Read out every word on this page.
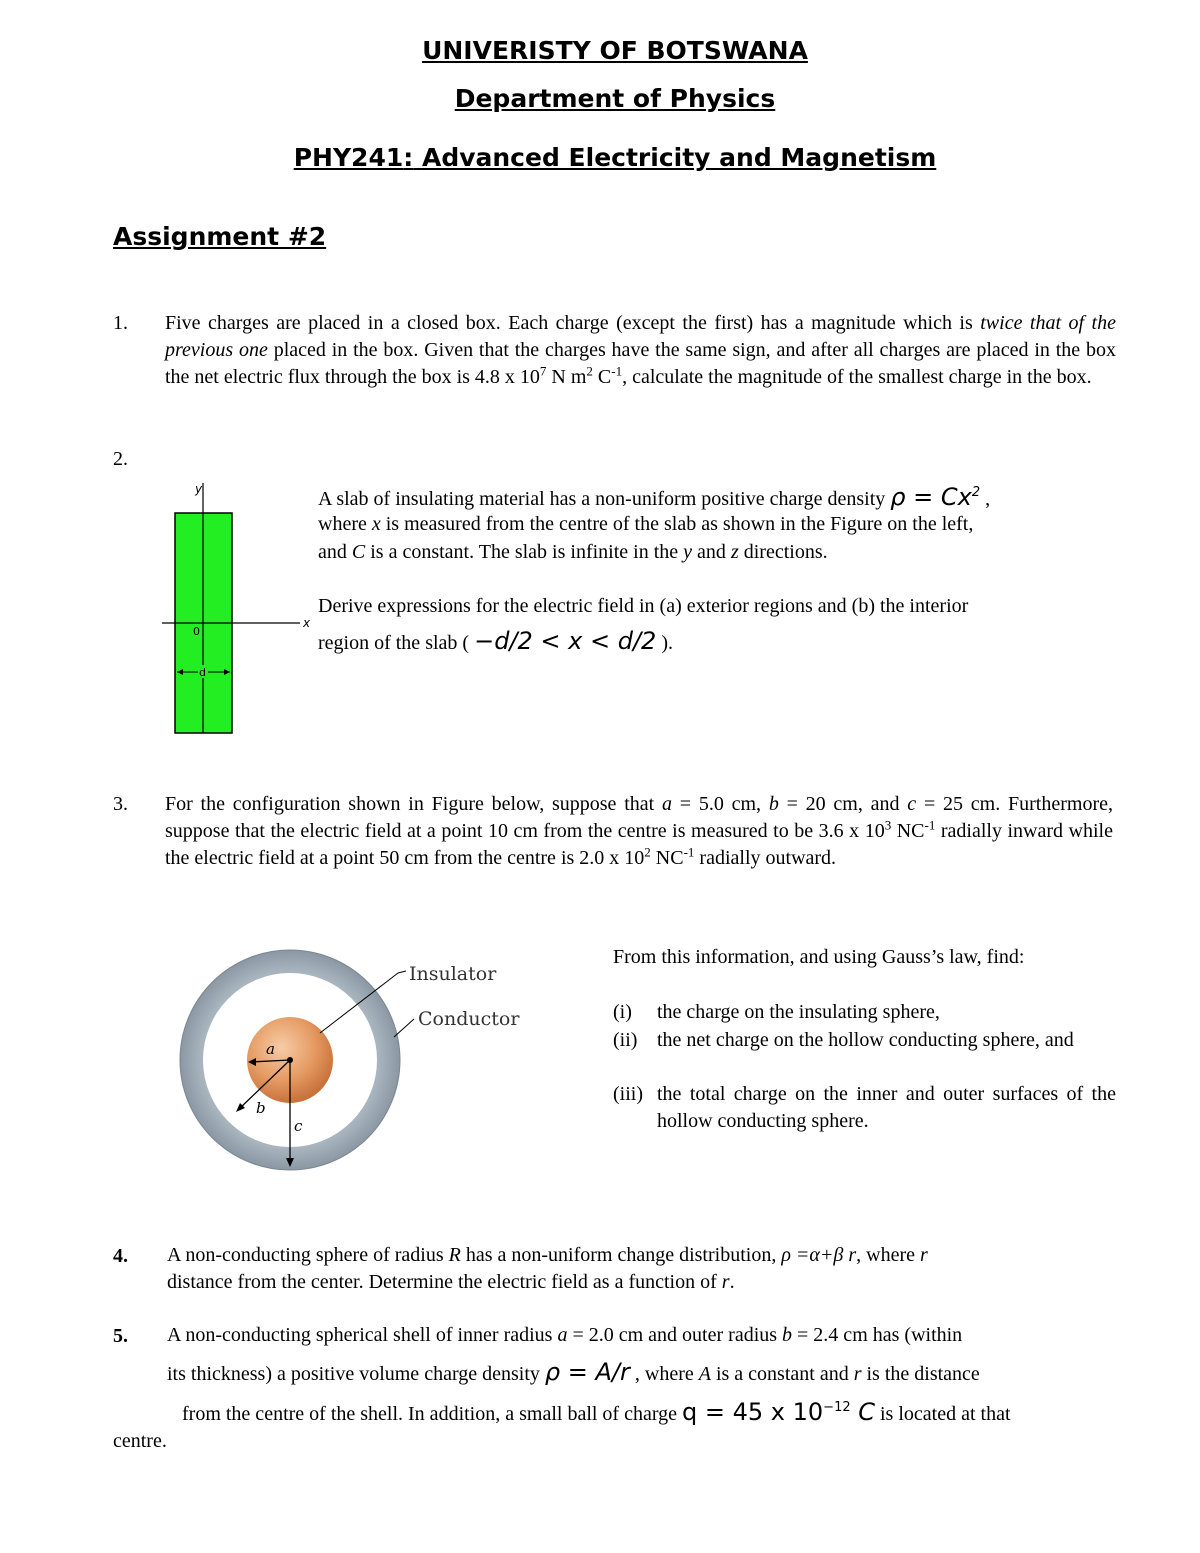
UNIVERISTY OF BOTSWANA
Department of Physics
PHY241: Advanced Electricity and Magnetism
Assignment #2
1. Five charges are placed in a closed box. Each charge (except the first) has a magnitude which is twice that of the previous one placed in the box. Given that the charges have the same sign, and after all charges are placed in the box the net electric flux through the box is 4.8 x $10^7$ N $m^2$ $C^{-1}$, calculate the magnitude of the smallest charge in the box.
2.
y
x
0
d
A slab of insulating material has a non-uniform positive charge density $\rho = Cx^2$ ,
where x is measured from the centre of the slab as shown in the Figure on the left,
and C is a constant. The slab is infinite in the y and z directions.
Derive expressions for the electric field in (a) exterior regions and (b) the interior
region of the slab ( −d/2 < x < d/2 ).
3. For the configuration shown in Figure below, suppose that a = 5.0 cm, b = 20 cm, and c = 25 cm. Furthermore, suppose that the electric field at a point 10 cm from the centre is measured to be 3.6 x $10^3$ $NC^{-1}$ radially inward while the electric field at a point 50 cm from the centre is 2.0 x $10^2$ $NC^{-1}$ radially outward.
a
b
c
Insulator
Conductor
From this information, and using Gauss’s law, find:
(i) the charge on the insulating sphere,
(ii) the net charge on the hollow conducting sphere, and
(iii) the total charge on the inner and outer surfaces of the hollow conducting sphere.
4. A non-conducting sphere of radius R has a non-uniform change distribution, ρ =α+β r, where r
distance from the center. Determine the electric field as a function of r.
5. A non-conducting spherical shell of inner radius a = 2.0 cm and outer radius b = 2.4 cm has (within
its thickness) a positive volume charge density ρ = A/r , where A is a constant and r is the distance
from the centre of the shell. In addition, a small ball of charge q = 45 x $10^{-12}$ C is located at that
centre.
